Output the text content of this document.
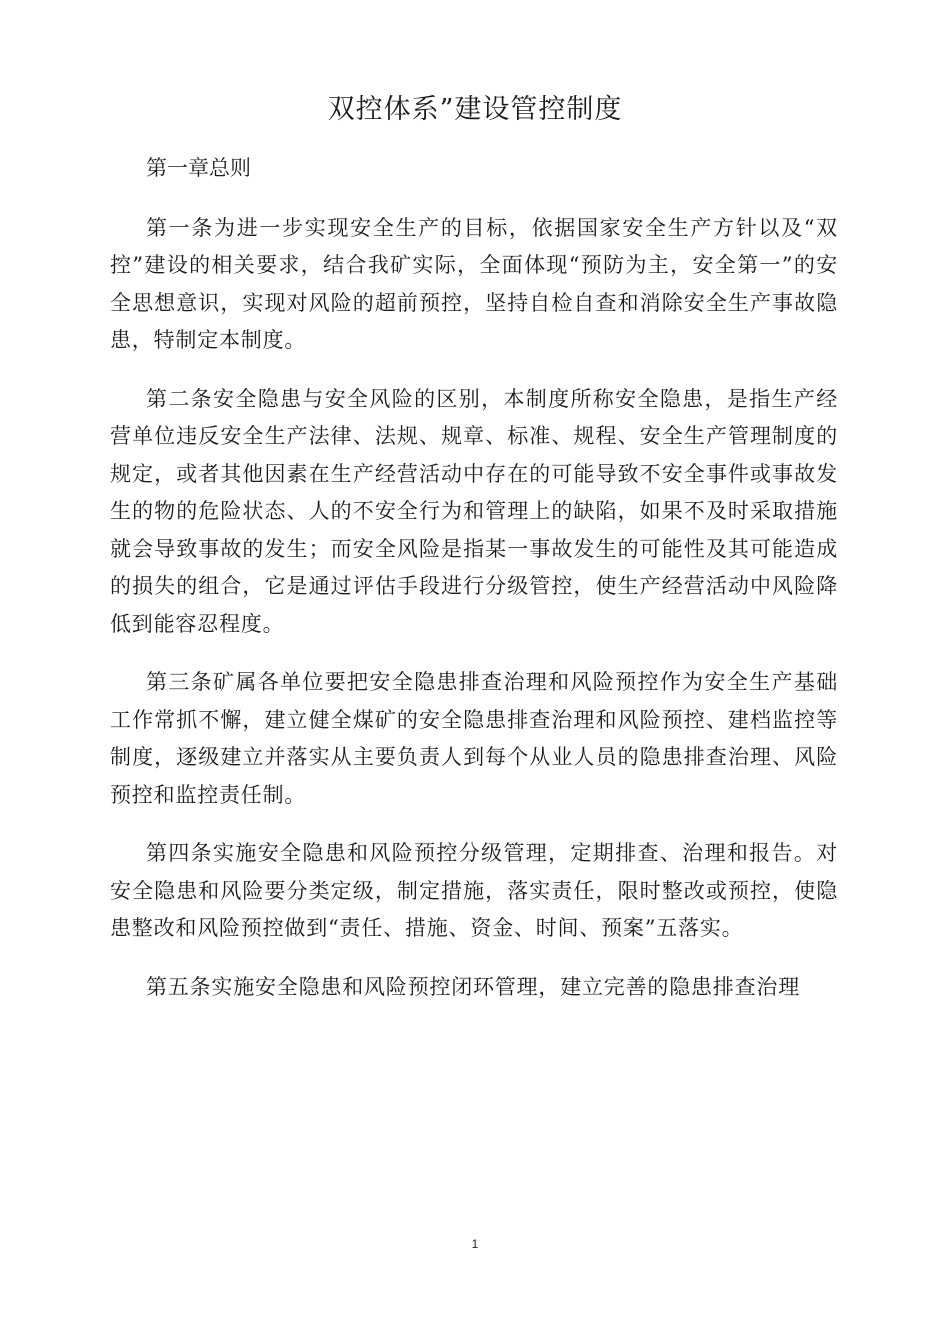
双控体系”建设管控制度

第一章总则

第一条为进一步实现安全生产的目标，依据国家安全生产方针以及“双控”建设的相关要求，结合我矿实际，全面体现“预防为主，安全第一”的安全思想意识，实现对风险的超前预控，坚持自检自查和消除安全生产事故隐患，特制定本制度。

第二条安全隐患与安全风险的区别，本制度所称安全隐患，是指生产经营单位违反安全生产法律、法规、规章、标准、规程、安全生产管理制度的规定，或者其他因素在生产经营活动中存在的可能导致不安全事件或事故发生的物的危险状态、人的不安全行为和管理上的缺陷，如果不及时采取措施就会导致事故的发生；而安全风险是指某一事故发生的可能性及其可能造成的损失的组合，它是通过评估手段进行分级管控，使生产经营活动中风险降低到能容忍程度。

第三条矿属各单位要把安全隐患排查治理和风险预控作为安全生产基础工作常抓不懈，建立健全煤矿的安全隐患排查治理和风险预控、建档监控等制度，逐级建立并落实从主要负责人到每个从业人员的隐患排查治理、风险预控和监控责任制。

第四条实施安全隐患和风险预控分级管理，定期排查、治理和报告。对安全隐患和风险要分类定级，制定措施，落实责任，限时整改或预控，使隐患整改和风险预控做到“责任、措施、资金、时间、预案”五落实。

第五条实施安全隐患和风险预控闭环管理，建立完善的隐患排查治理

1
